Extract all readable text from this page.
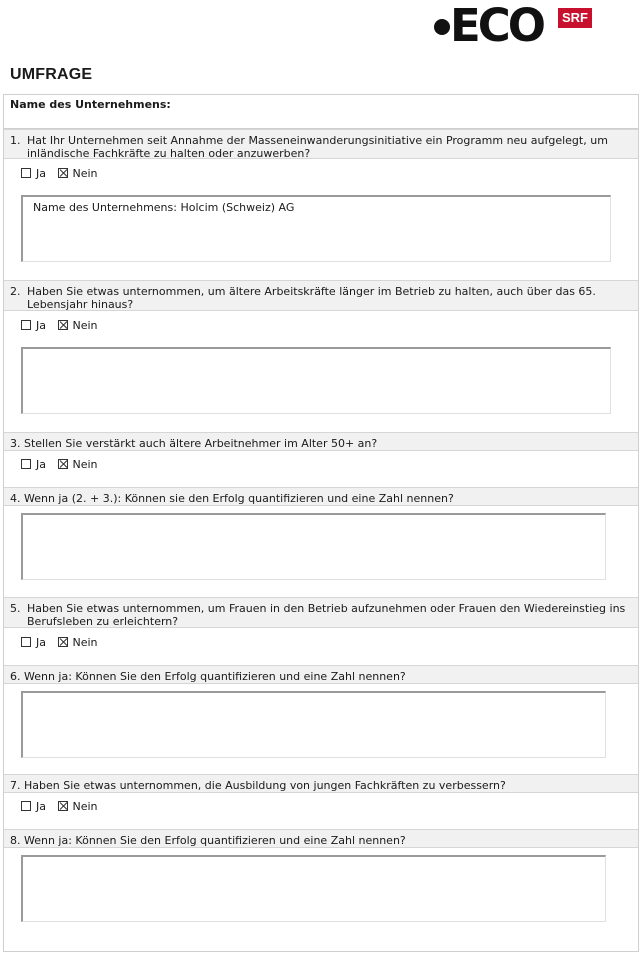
ECO	SRF
UMFRAGE
Name des Unternehmens:
1. Hat Ihr Unternehmen seit Annahme der Masseneinwanderungsinitiative ein Programm neu aufgelegt, um inländische Fachkräfte zu halten oder anzuwerben?
Ja Nein
Name des Unternehmens: Holcim (Schweiz) AG
2. Haben Sie etwas unternommen, um ältere Arbeitskräfte länger im Betrieb zu halten, auch über das 65. Lebensjahr hinaus?
Ja Nein
3. Stellen Sie verstärkt auch ältere Arbeitnehmer im Alter 50+ an?
Ja Nein
4. Wenn ja (2. + 3.): Können sie den Erfolg quantifizieren und eine Zahl nennen?
5. Haben Sie etwas unternommen, um Frauen in den Betrieb aufzunehmen oder Frauen den Wiedereinstieg ins Berufsleben zu erleichtern?
Ja Nein
6. Wenn ja: Können Sie den Erfolg quantifizieren und eine Zahl nennen?
7. Haben Sie etwas unternommen, die Ausbildung von jungen Fachkräften zu verbessern?
Ja Nein
8. Wenn ja: Können Sie den Erfolg quantifizieren und eine Zahl nennen?
